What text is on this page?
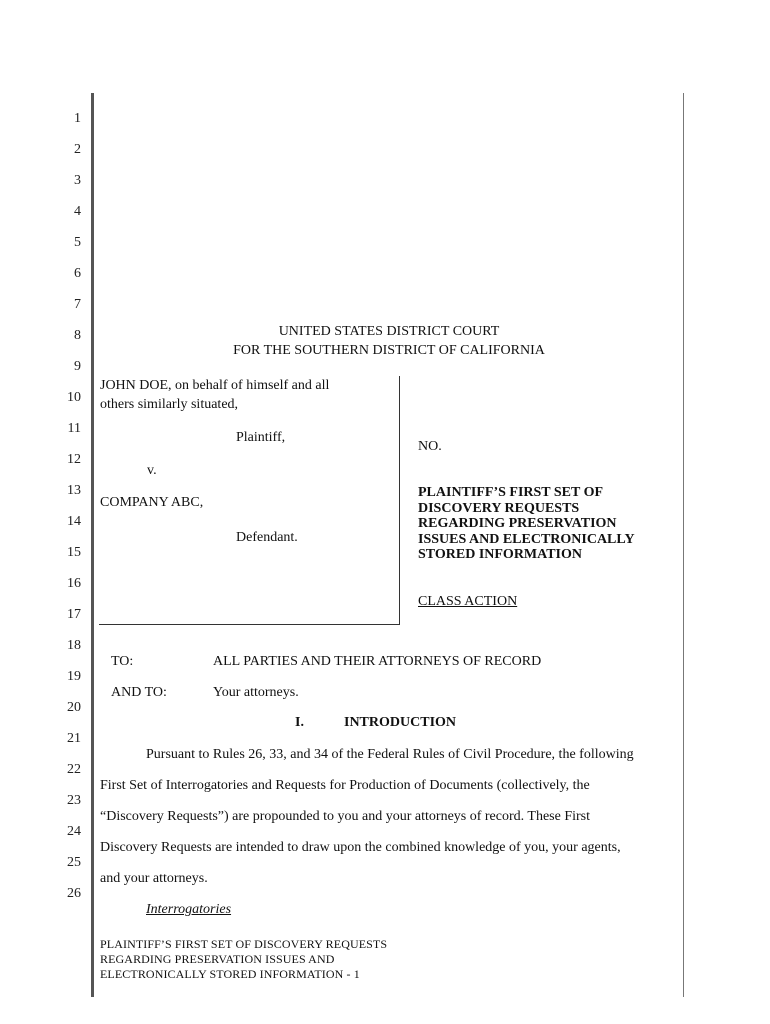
1
2
3
4
5
6
7
8
9
10
11
12
13
14
15
16
17
18
19
20
21
22
23
24
25
26
UNITED STATES DISTRICT COURT
FOR THE SOUTHERN DISTRICT OF CALIFORNIA
JOHN DOE, on behalf of himself and all
others similarly situated,
Plaintiff,
v.
COMPANY ABC,
Defendant.
NO.
PLAINTIFF’S FIRST SET OF
DISCOVERY REQUESTS
REGARDING PRESERVATION
ISSUES AND ELECTRONICALLY
STORED INFORMATION
CLASS ACTION
TO:	ALL PARTIES AND THEIR ATTORNEYS OF RECORD
AND TO:	Your attorneys.
I.	INTRODUCTION
Pursuant to Rules 26, 33, and 34 of the Federal Rules of Civil Procedure, the following
First Set of Interrogatories and Requests for Production of Documents (collectively, the
“Discovery Requests”) are propounded to you and your attorneys of record. These First
Discovery Requests are intended to draw upon the combined knowledge of you, your agents,
and your attorneys.
Interrogatories
PLAINTIFF’S FIRST SET OF DISCOVERY REQUESTS
REGARDING PRESERVATION ISSUES AND
ELECTRONICALLY STORED INFORMATION - 1
